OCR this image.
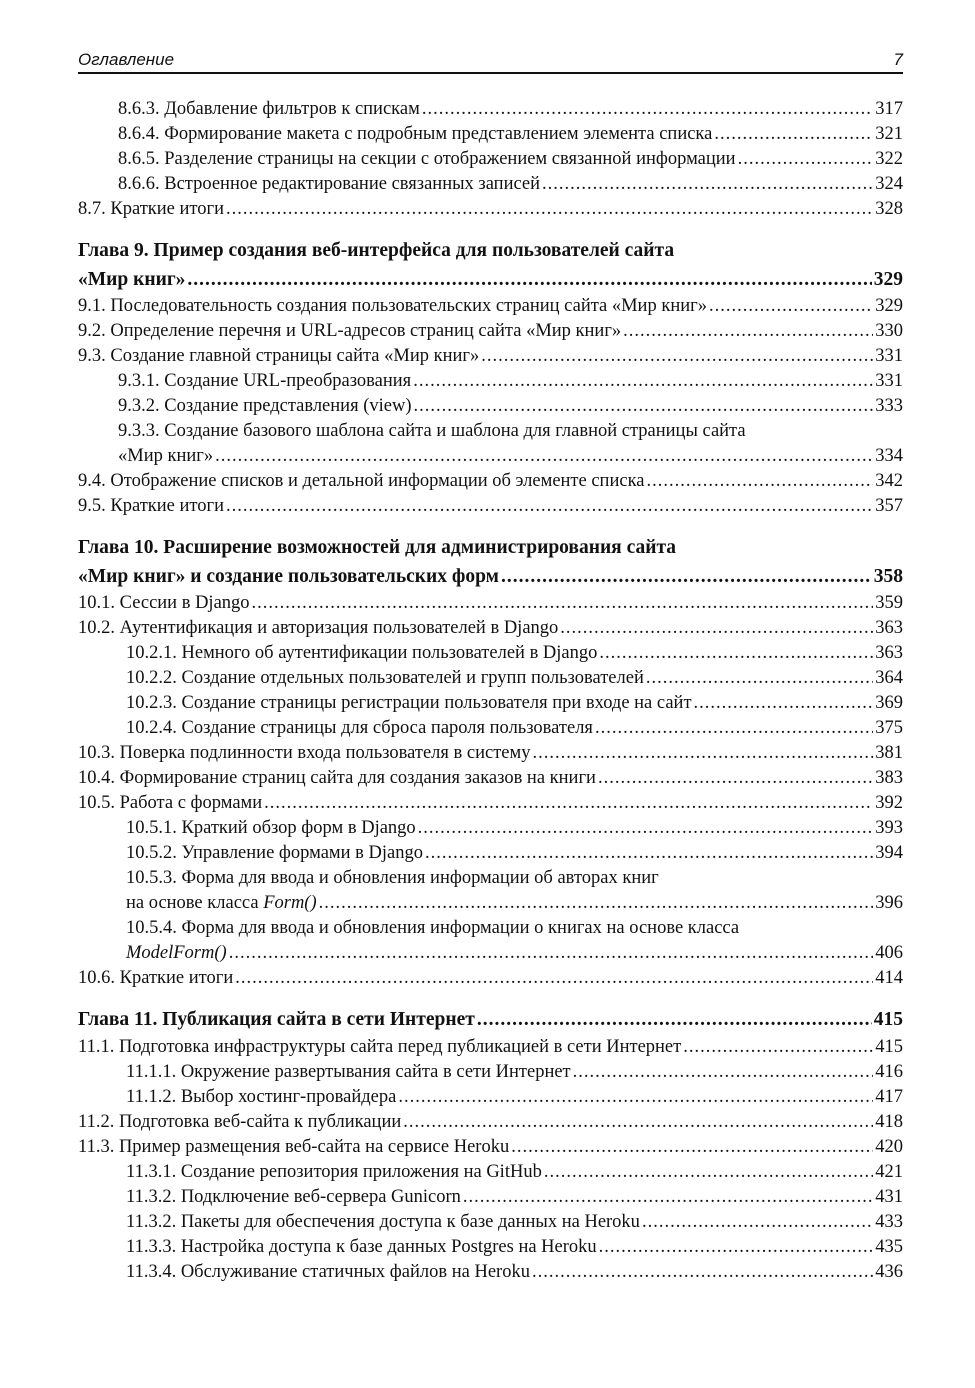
Оглавление	7
8.6.3. Добавление фильтров к спискам .....	317
8.6.4. Формирование макета с подробным представлением элемента списка .....	321
8.6.5. Разделение страницы на секции с отображением связанной информации .....	322
8.6.6. Встроенное редактирование связанных записей .....	324
8.7. Краткие итоги .....	328
Глава 9. Пример создания веб-интерфейса для пользователей сайта
«Мир книг» .....	329
9.1. Последовательность создания пользовательских страниц сайта «Мир книг» .....	329
9.2. Определение перечня и URL-адресов страниц сайта «Мир книг» .....	330
9.3. Создание главной страницы сайта «Мир книг» .....	331
9.3.1. Создание URL-преобразования .....	331
9.3.2. Создание представления (view) .....	333
9.3.3. Создание базового шаблона сайта и шаблона для главной страницы сайта
«Мир книг» .....	334
9.4. Отображение списков и детальной информации об элементе списка .....	342
9.5. Краткие итоги .....	357
Глава 10. Расширение возможностей для администрирования сайта
«Мир книг» и создание пользовательских форм .....	358
10.1. Сессии в Django .....	359
10.2. Аутентификация и авторизация пользователей в Django .....	363
10.2.1. Немного об аутентификации пользователей в Django .....	363
10.2.2. Создание отдельных пользователей и групп пользователей .....	364
10.2.3. Создание страницы регистрации пользователя при входе на сайт .....	369
10.2.4. Создание страницы для сброса пароля пользователя .....	375
10.3. Поверка подлинности входа пользователя в систему .....	381
10.4. Формирование страниц сайта для создания заказов на книги .....	383
10.5. Работа с формами .....	392
10.5.1. Краткий обзор форм в Django .....	393
10.5.2. Управление формами в Django .....	394
10.5.3. Форма для ввода и обновления информации об авторах книг
на основе класса Form() .....	396
10.5.4. Форма для ввода и обновления информации о книгах на основе класса
ModelForm() .....	406
10.6. Краткие итоги .....	414
Глава 11. Публикация сайта в сети Интернет .....	415
11.1. Подготовка инфраструктуры сайта перед публикацией в сети Интернет .....	415
11.1.1. Окружение развертывания сайта в сети Интернет .....	416
11.1.2. Выбор хостинг-провайдера .....	417
11.2. Подготовка веб-сайта к публикации .....	418
11.3. Пример размещения веб-сайта на сервисе Heroku .....	420
11.3.1. Создание репозитория приложения на GitHub .....	421
11.3.2. Подключение веб-сервера Gunicorn .....	431
11.3.2. Пакеты для обеспечения доступа к базе данных на Heroku .....	433
11.3.3. Настройка доступа к базе данных Postgres на Heroku .....	435
11.3.4. Обслуживание статичных файлов на Heroku .....	436
